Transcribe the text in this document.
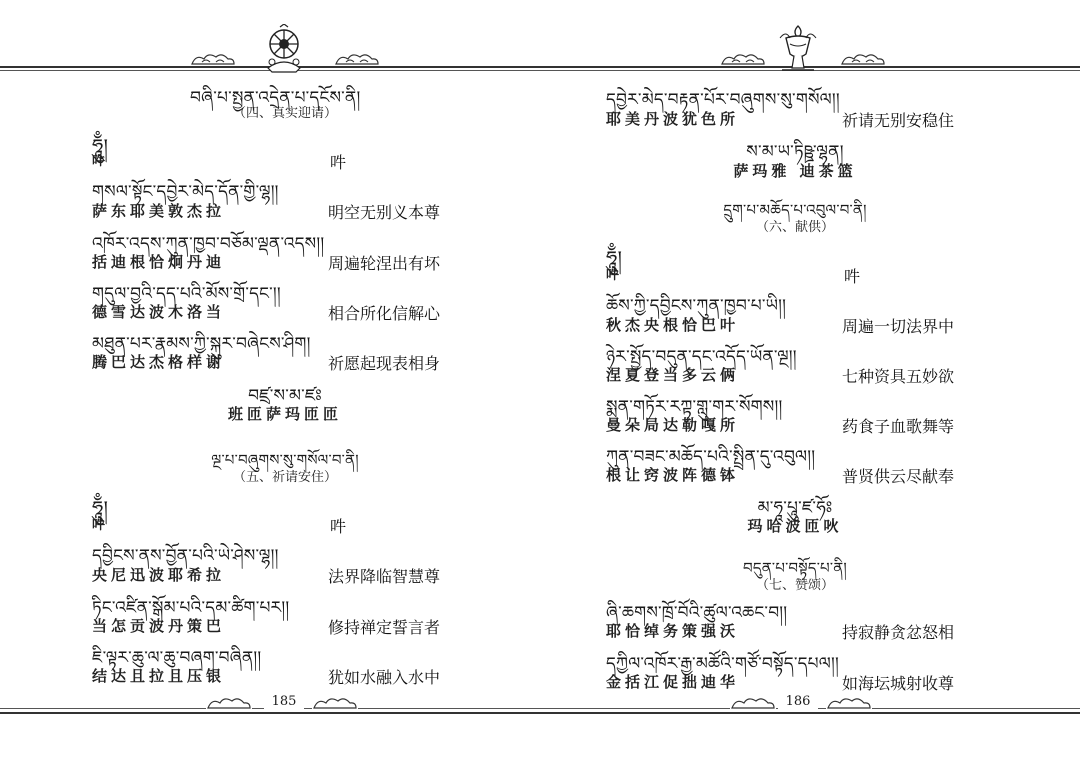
བཞི་པ་སྤྱན་འདྲེན་པ་དངོས་ནི།
（四、真实迎请）
ཧཱུྃ།
吽	吽
གསལ་སྟོང་དབྱེར་མེད་དོན་གྱི་ལྷ།།
萨东耶美敦杰拉	明空无别义本尊
འཁོར་འདས་ཀུན་ཁྱབ་བཅོམ་ལྡན་འདས།།
括迪根恰炯丹迪	周遍轮涅出有坏
གདུལ་བྱའི་དད་པའི་མོས་གྲོ་དང་།།
德雪达波木洛当	相合所化信解心
མཐུན་པར་རྣམས་ཀྱི་སྐུར་བཞེངས་ཤིག།
腾巴达杰格样谢	祈愿起现表相身
བཛྲ་ས་མ་ཛཿ
班匝萨玛匝匝
ལྔ་པ་བཞུགས་སུ་གསོལ་བ་ནི།
（五、祈请安住）
ཧཱུྃ།
吽	吽
དབྱིངས་ནས་བྱོན་པའི་ཡེ་ཤེས་ལྷ།།
央尼迅波耶希拉	法界降临智慧尊
ཏིང་འཛིན་སྒོམ་པའི་དམ་ཚིག་པར།།
当怎贡波丹策巴	修持禅定誓言者
ཇི་ལྟར་ཆུ་ལ་ཆུ་བཞག་བཞིན།།
结达且拉且压银	犹如水融入水中
185
དབྱེར་མེད་བརྟན་པོར་བཞུགས་སུ་གསོལ།།
耶美丹波犹色所	祈请无别安稳住
ས་མ་ཡ་ཏིཥྛ་ལྷན།
萨玛雅 迪茶篮
དྲུག་པ་མཆོད་པ་འབུལ་བ་ནི།
（六、献供）
ཧཱུྃ།
吽	吽
ཆོས་ཀྱི་དབྱིངས་ཀུན་ཁྱབ་པ་ཡི།།
秋杰央根恰巴叶	周遍一切法界中
ཉེར་སྤྱོད་བདུན་དང་འདོད་ཡོན་ལྔ།།
涅夏登当多云俩	七种资具五妙欲
སྨན་གཏོར་རཀྟ་གླུ་གར་སོགས།།
曼朵局达勒嘎所	药食子血歌舞等
ཀུན་བཟང་མཆོད་པའི་སྤྲིན་དུ་འབུལ།།
根让窍波阵德钵	普贤供云尽献奉
མ་ཧཱ་པཱུ་ཛ་ཧོཿ
玛哈波匝吙
བདུན་པ་བསྟོད་པ་ནི།
（七、赞颂）
ཞི་ཆགས་ཁྲོ་བོའི་ཚུལ་འཆང་བ།།
耶恰绰务策强沃	持寂静贪忿怒相
དཀྱིལ་འཁོར་རྒྱ་མཚོའི་གཙོ་བསྟོད་དཔལ།།
金括江促拙迪华	如海坛城射收尊
186
